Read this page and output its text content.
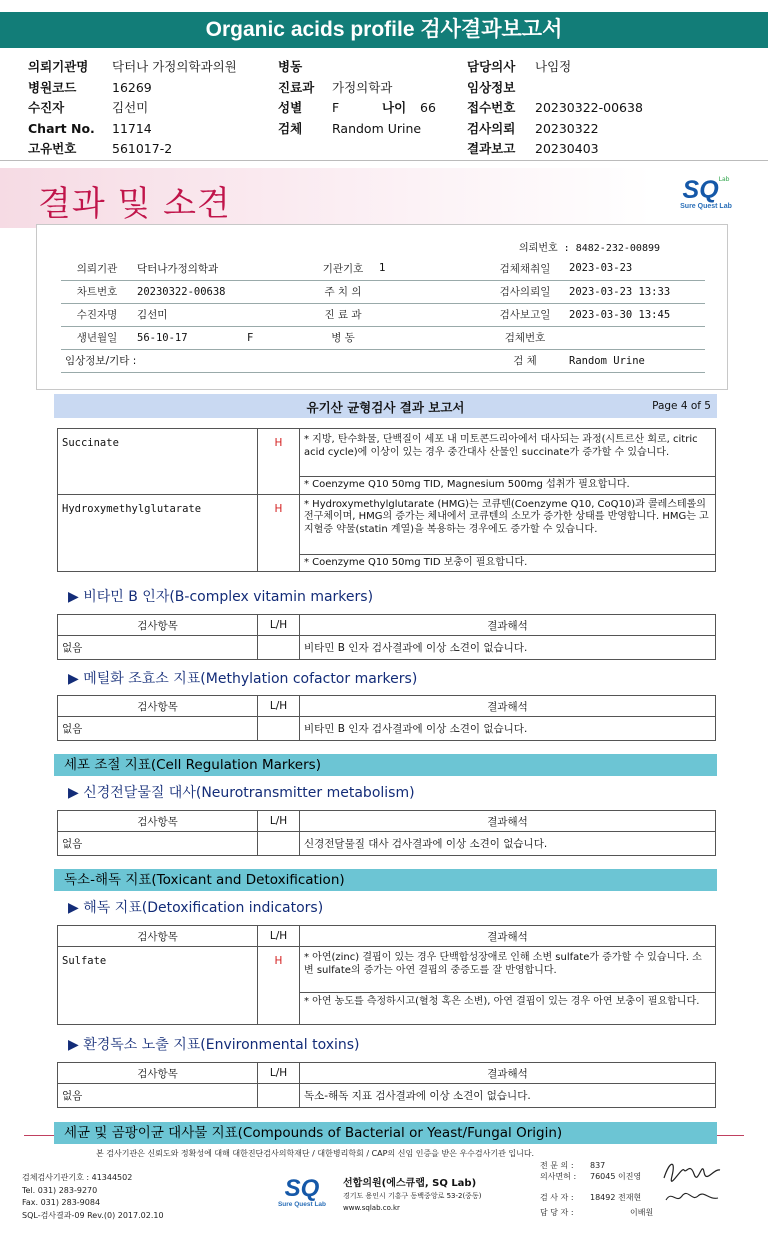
Organic acids profile 검사결과보고서
의뢰기관명 닥터나 가정의학과의원
병원코드	16269
수진자	김선미
Chart No. 11714
고유번호	561017-2
병동
진료과 가정의학과
성별 F	나이 66
검체 Random Urine
담당의사 나임정
임상정보
접수번호 20230322-00638
검사의뢰 20230322
결과보고 20230403
결과 및 소견	$SQ^{Lab}$
Sure Quest Lab
의뢰번호 : 8482-232-00899
의뢰기관	닥터나가정의학과	기관기호	1	검체채취일	2023-03-23
차트번호	20230322-00638	주 치 의		검사의뢰일	2023-03-23 13:33
수진자명	김선미	진 료 과		검사보고일	2023-03-30 13:45
생년월일	56-10-17 F	병 동		검체번호	
임상정보/기타 :				검 체	Random Urine
유기산 균형검사 결과 보고서	Page 4 of 5
Succinate	H	* 지방, 탄수화물, 단백질이 세포 내 미토콘드리아에서 대사되는 과정(시트르산 회로, citric acid cycle)에 이상이 있는 경우 중간대사 산물인 succinate가 증가할 수 있습니다.
		* Coenzyme Q10 50mg TID, Magnesium 500mg 섭취가 필요합니다.
Hydroxymethylglutarate	H	* Hydroxymethylglutarate (HMG)는 코큐텐(Coenzyme Q10, CoQ10)과 콜레스테롤의 전구체이며, HMG의 증가는 체내에서 코큐텐의 소모가 증가한 상태를 반영합니다. HMG는 고지혈증 약물(statin 계열)을 복용하는 경우에도 증가할 수 있습니다.
		* Coenzyme Q10 50mg TID 보충이 필요합니다.
▶ 비타민 B 인자(B-complex vitamin markers)
검사항목	L/H	결과해석
없음		비타민 B 인자 검사결과에 이상 소견이 없습니다.
▶ 메틸화 조효소 지표(Methylation cofactor markers)
검사항목	L/H	결과해석
없음		비타민 B 인자 검사결과에 이상 소견이 없습니다.
세포 조절 지표(Cell Regulation Markers)
▶ 신경전달물질 대사(Neurotransmitter metabolism)
검사항목	L/H	결과해석
없음		신경전달물질 대사 검사결과에 이상 소견이 없습니다.
독소-해독 지표(Toxicant and Detoxification)
▶ 해독 지표(Detoxification indicators)
검사항목	L/H	결과해석
Sulfate	H	* 아연(zinc) 결핍이 있는 경우 단백합성장애로 인해 소변 sulfate가 증가할 수 있습니다. 소변 sulfate의 증가는 아연 결핍의 중증도를 잘 반영합니다.
		* 아연 농도를 측정하시고(혈청 혹은 소변), 아연 결핍이 있는 경우 아연 보충이 필요합니다.
▶ 환경독소 노출 지표(Environmental toxins)
검사항목	L/H	결과해석
없음		독소-해독 지표 검사결과에 이상 소견이 없습니다.
세균 및 곰팡이균 대사물 지표(Compounds of Bacterial or Yeast/Fungal Origin)
본 검사기관은 신뢰도와 정확성에 대해 대한진단검사의학재단 / 대한병리학회 / CAP의 신임 인증을 받은 우수검사기관 입니다.
검체검사기관기호 : 41344502
Tel. 031) 283-9270
Fax. 031) 283-9084
SQL-검사결과-09 Rev.(0) 2017.02.10
SQ
Sure Quest Lab
선합의원(에스큐랩, SQ Lab)
경기도 용인시 기흥구 동백중앙로 53-2(중동)
www.sqlab.co.kr
전 문 의 : 837
의사면허 : 76045 이진영
검 사 자 : 18492 전재현
담 당 자 :	이배원
